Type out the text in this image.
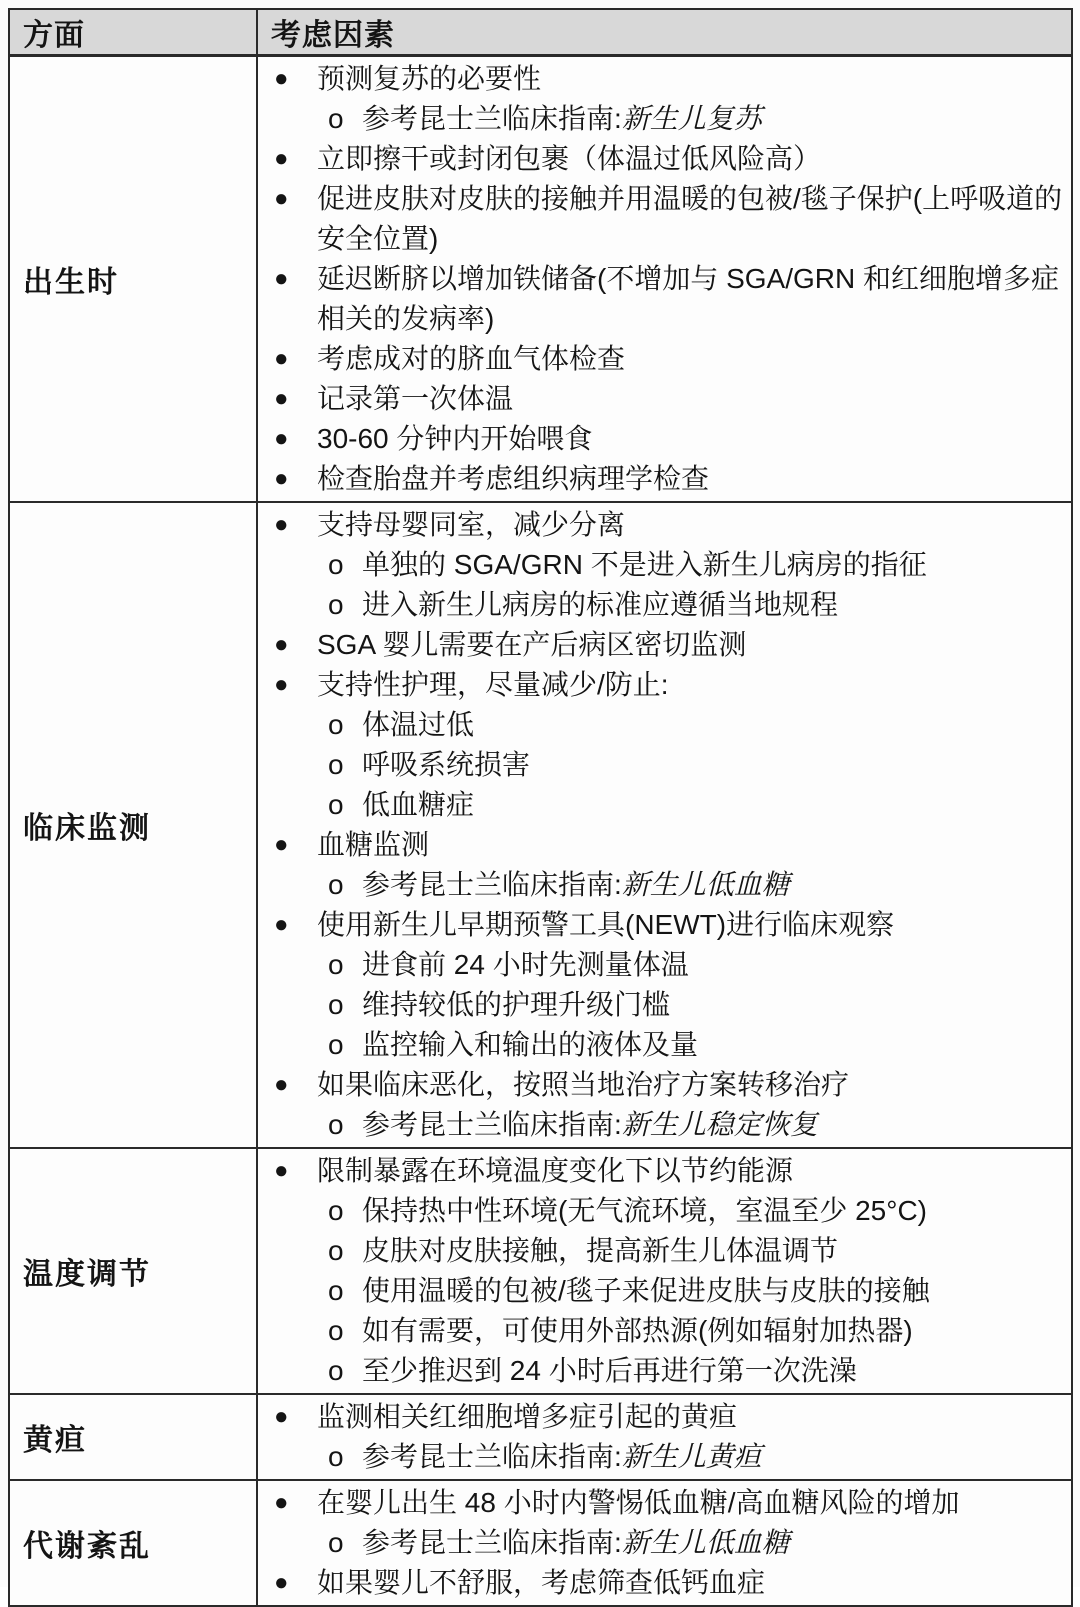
方面	考虑因素
出生时	
● 预测复苏的必要性
o 参考昆士兰临床指南:新生儿复苏
● 立即擦干或封闭包裹（体温过低风险高）
● 促进皮肤对皮肤的接触并用温暖的包被/毯子保护(上呼吸道的安全位置)
● 延迟断脐以增加铁储备(不增加与 SGA/GRN 和红细胞增多症相关的发病率)
● 考虑成对的脐血气体检查
● 记录第一次体温
● 30-60 分钟内开始喂食
● 检查胎盘并考虑组织病理学检查

临床监测	
● 支持母婴同室，减少分离
o 单独的 SGA/GRN 不是进入新生儿病房的指征
o 进入新生儿病房的标准应遵循当地规程
● SGA 婴儿需要在产后病区密切监测
● 支持性护理，尽量减少/防止:
o 体温过低
o 呼吸系统损害
o 低血糖症
● 血糖监测
o 参考昆士兰临床指南:新生儿低血糖
● 使用新生儿早期预警工具(NEWT)进行临床观察
o 进食前 24 小时先测量体温
o 维持较低的护理升级门槛
o 监控输入和输出的液体及量
● 如果临床恶化，按照当地治疗方案转移治疗
o 参考昆士兰临床指南:新生儿稳定恢复

温度调节	
● 限制暴露在环境温度变化下以节约能源
o 保持热中性环境(无气流环境，室温至少 25°C)
o 皮肤对皮肤接触，提高新生儿体温调节
o 使用温暖的包被/毯子来促进皮肤与皮肤的接触
o 如有需要，可使用外部热源(例如辐射加热器)
o 至少推迟到 24 小时后再进行第一次洗澡

黄疸	● 监测相关红细胞增多症引起的黄疸
o 参考昆士兰临床指南:新生儿黄疸

代谢紊乱	
● 在婴儿出生 48 小时内警惕低血糖/高血糖风险的增加
o 参考昆士兰临床指南:新生儿低血糖
● 如果婴儿不舒服，考虑筛查低钙血症
